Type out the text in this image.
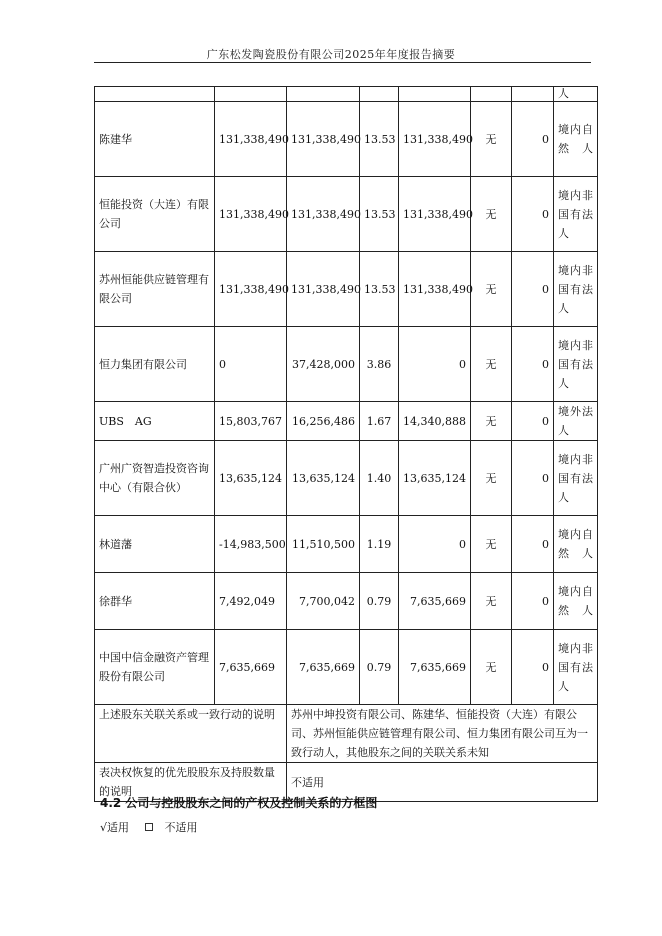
广东松发陶瓷股份有限公司2025年年度报告摘要
							人
陈建华	131,338,490	131,338,490	13.53	131,338,490	无	0	境内自然人
恒能投资（大连）有限公司	131,338,490	131,338,490	13.53	131,338,490	无	0	境内非国有法人
苏州恒能供应链管理有限公司	131,338,490	131,338,490	13.53	131,338,490	无	0	境内非国有法人
恒力集团有限公司	0	37,428,000	3.86	0	无	0	境内非国有法人
UBS　AG	15,803,767	16,256,486	1.67	14,340,888	无	0	境外法人
广州广资智造投资咨询中心（有限合伙）	13,635,124	13,635,124	1.40	13,635,124	无	0	境内非国有法人
林道藩	-14,983,500	11,510,500	1.19	0	无	0	境内自然人
徐群华	7,492,049	7,700,042	0.79	7,635,669	无	0	境内自然人
中国中信金融资产管理股份有限公司	7,635,669	7,635,669	0.79	7,635,669	无	0	境内非国有法人
上述股东关联关系或一致行动的说明		苏州中坤投资有限公司、陈建华、恒能投资（大连）有限公司、苏州恒能供应链管理有限公司、恒力集团有限公司互为一致行动人，其他股东之间的关联关系未知					
表决权恢复的优先股股东及持股数量的说明		不适用					
4.2 公司与控股股东之间的产权及控制关系的方框图
√适用	不适用
